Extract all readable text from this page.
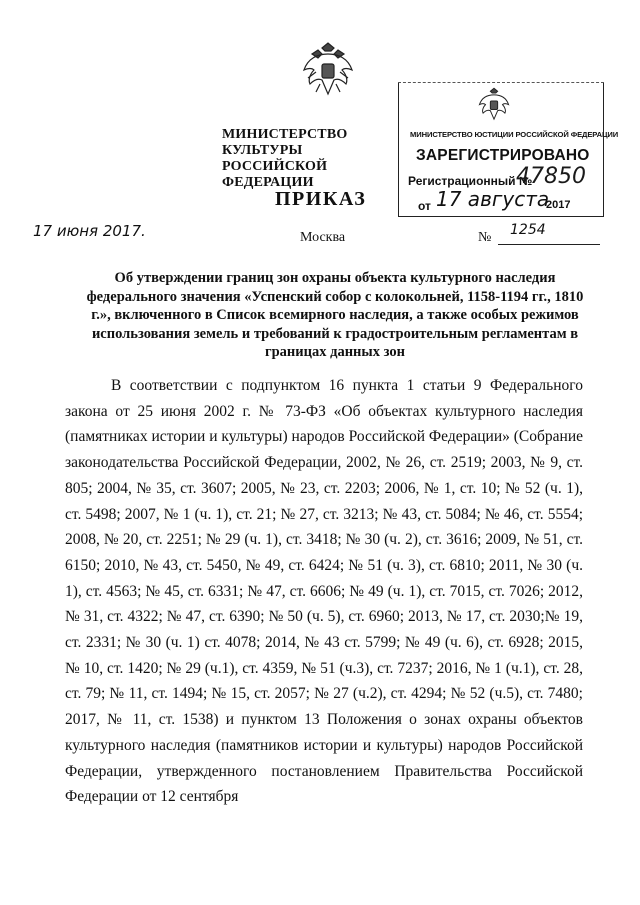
МИНИСТЕРСТВО КУЛЬТУРЫ
РОССИЙСКОЙ ФЕДЕРАЦИИ
МИНИСТЕРСТВО ЮСТИЦИИ РОССИЙСКОЙ ФЕДЕРАЦИИ
ЗАРЕГИСТРИРОВАНО
Регистрационный №
47850
от 17 августа
2017
ПРИКАЗ
17 июня 2017.	Москва	№ 1254
Об утверждении границ зон охраны объекта культурного наследия федерального значения «Успенский собор с колокольней, 1158-1194 гг., 1810 г.», включенного в Список всемирного наследия, а также особых режимов использования земель и требований к градостроительным регламентам в границах данных зон
В соответствии с подпунктом 16 пункта 1 статьи 9 Федерального закона от 25 июня 2002 г. № 73-ФЗ «Об объектах культурного наследия (памятниках истории и культуры) народов Российской Федерации» (Собрание законодательства Российской Федерации, 2002, № 26, ст. 2519; 2003, № 9, ст. 805; 2004, № 35, ст. 3607; 2005, № 23, ст. 2203; 2006, № 1, ст. 10; № 52 (ч. 1), ст. 5498; 2007, № 1 (ч. 1), ст. 21; № 27, ст. 3213; № 43, ст. 5084; № 46, ст. 5554; 2008, № 20, ст. 2251; № 29 (ч. 1), ст. 3418; № 30 (ч. 2), ст. 3616; 2009, № 51, ст. 6150; 2010, № 43, ст. 5450, № 49, ст. 6424; № 51 (ч. 3), ст. 6810; 2011, № 30 (ч. 1), ст. 4563; № 45, ст. 6331; № 47, ст. 6606; № 49 (ч. 1), ст. 7015, ст. 7026; 2012, № 31, ст. 4322; № 47, ст. 6390; № 50 (ч. 5), ст. 6960; 2013, № 17, ст. 2030;№ 19, ст. 2331; № 30 (ч. 1) ст. 4078; 2014, № 43 ст. 5799; № 49 (ч. 6), ст. 6928; 2015, № 10, ст. 1420; № 29 (ч.1), ст. 4359, № 51 (ч.3), ст. 7237; 2016, № 1 (ч.1), ст. 28, ст. 79; № 11, ст. 1494; № 15, ст. 2057; № 27 (ч.2), ст. 4294; № 52 (ч.5), ст. 7480; 2017, № 11, ст. 1538) и пунктом 13 Положения о зонах охраны объектов культурного наследия (памятников истории и культуры) народов Российской Федерации, утвержденного постановлением Правительства Российской Федерации от 12 сентября
